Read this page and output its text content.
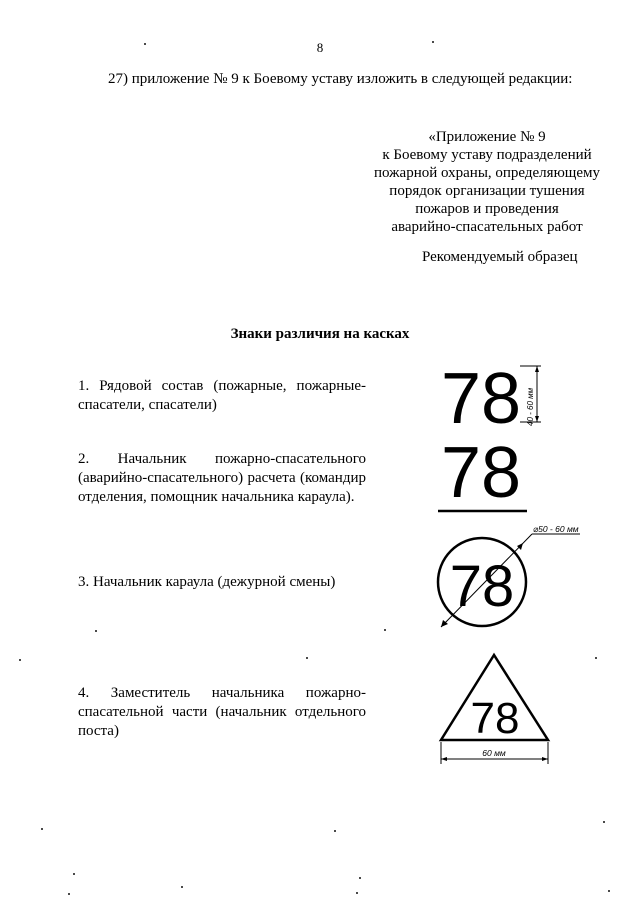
8
27) приложение № 9 к Боевому уставу изложить в следующей редакции:
«Приложение № 9
к Боевому уставу подразделений
пожарной охраны, определяющему
порядок организации тушения
пожаров и проведения
аварийно-спасательных работ
Рекомендуемый образец
Знаки различия на касках
1. Рядовой состав (пожарные, пожарные-
спасатели, спасатели)
2. Начальник пожарно-спасательного
(аварийно-спасательного) расчета (командир
отделения, помощник начальника караула).
3. Начальник караула (дежурной смены)
4. Заместитель начальника пожарно-
спасательной части (начальник отдельного
поста)
78 40 - 60 мм
78
78
⌀50 - 60 мм
78
60 мм
